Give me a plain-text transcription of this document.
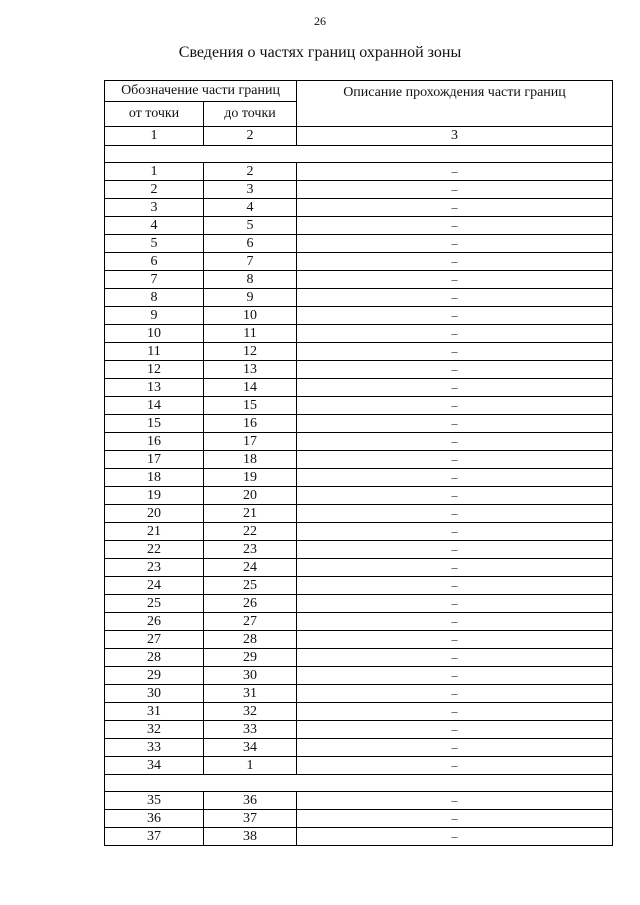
26
Сведения о частях границ охранной зоны
Обозначение части границ		Описание прохождения части границ
от точки	до точки	
1	2	3

1	2	–
2	3	–
3	4	–
4	5	–
5	6	–
6	7	–
7	8	–
8	9	–
9	10	–
10	11	–
11	12	–
12	13	–
13	14	–
14	15	–
15	16	–
16	17	–
17	18	–
18	19	–
19	20	–
20	21	–
21	22	–
22	23	–
23	24	–
24	25	–
25	26	–
26	27	–
27	28	–
28	29	–
29	30	–
30	31	–
31	32	–
32	33	–
33	34	–
34	1	–

35	36	–
36	37	–
37	38	–
